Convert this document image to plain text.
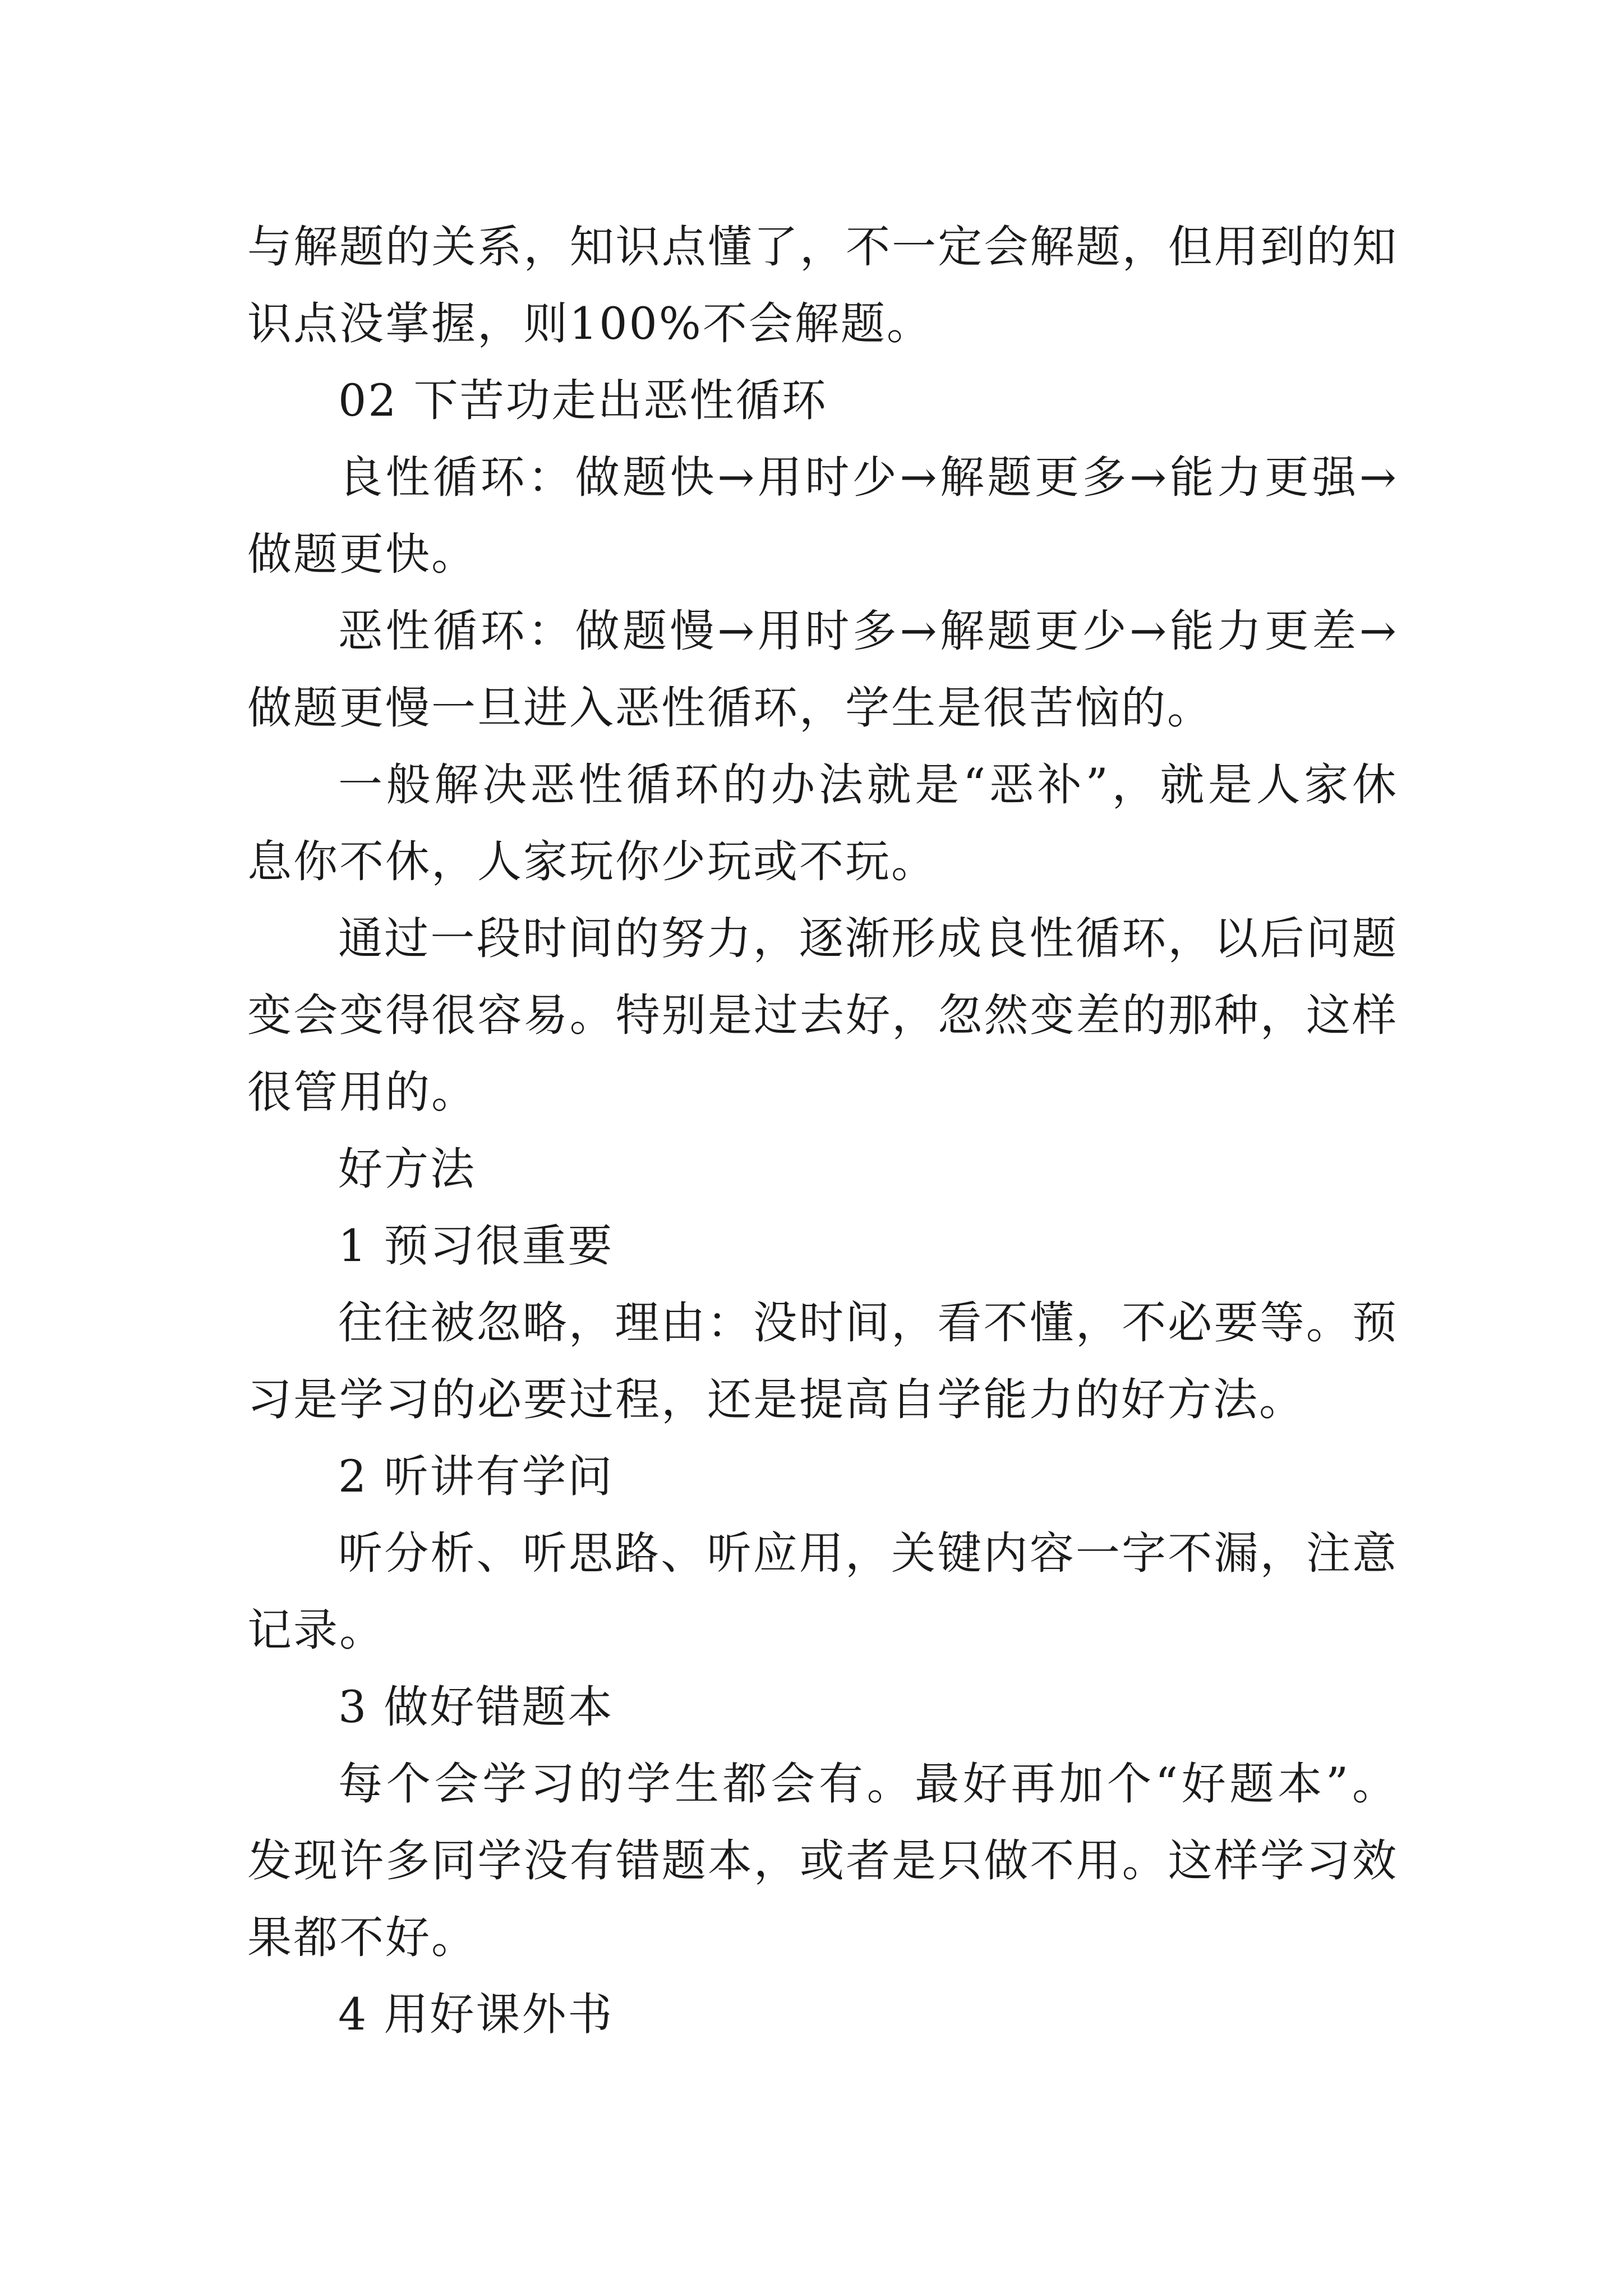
与解题的关系，知识点懂了，不一定会解题，但用到的知识点没掌握，则100%不会解题。

02 下苦功走出恶性循环

良性循环：做题快→用时少→解题更多→能力更强→做题更快。

恶性循环：做题慢→用时多→解题更少→能力更差→做题更慢一旦进入恶性循环，学生是很苦恼的。

一般解决恶性循环的办法就是“恶补”，就是人家休息你不休，人家玩你少玩或不玩。

通过一段时间的努力，逐渐形成良性循环，以后问题变会变得很容易。特别是过去好，忽然变差的那种，这样很管用的。

好方法

1 预习很重要

往往被忽略，理由：没时间，看不懂，不必要等。预习是学习的必要过程，还是提高自学能力的好方法。

2 听讲有学问

听分析、听思路、听应用，关键内容一字不漏，注意记录。

3 做好错题本

每个会学习的学生都会有。最好再加个“好题本”。发现许多同学没有错题本，或者是只做不用。这样学习效果都不好。

4 用好课外书
